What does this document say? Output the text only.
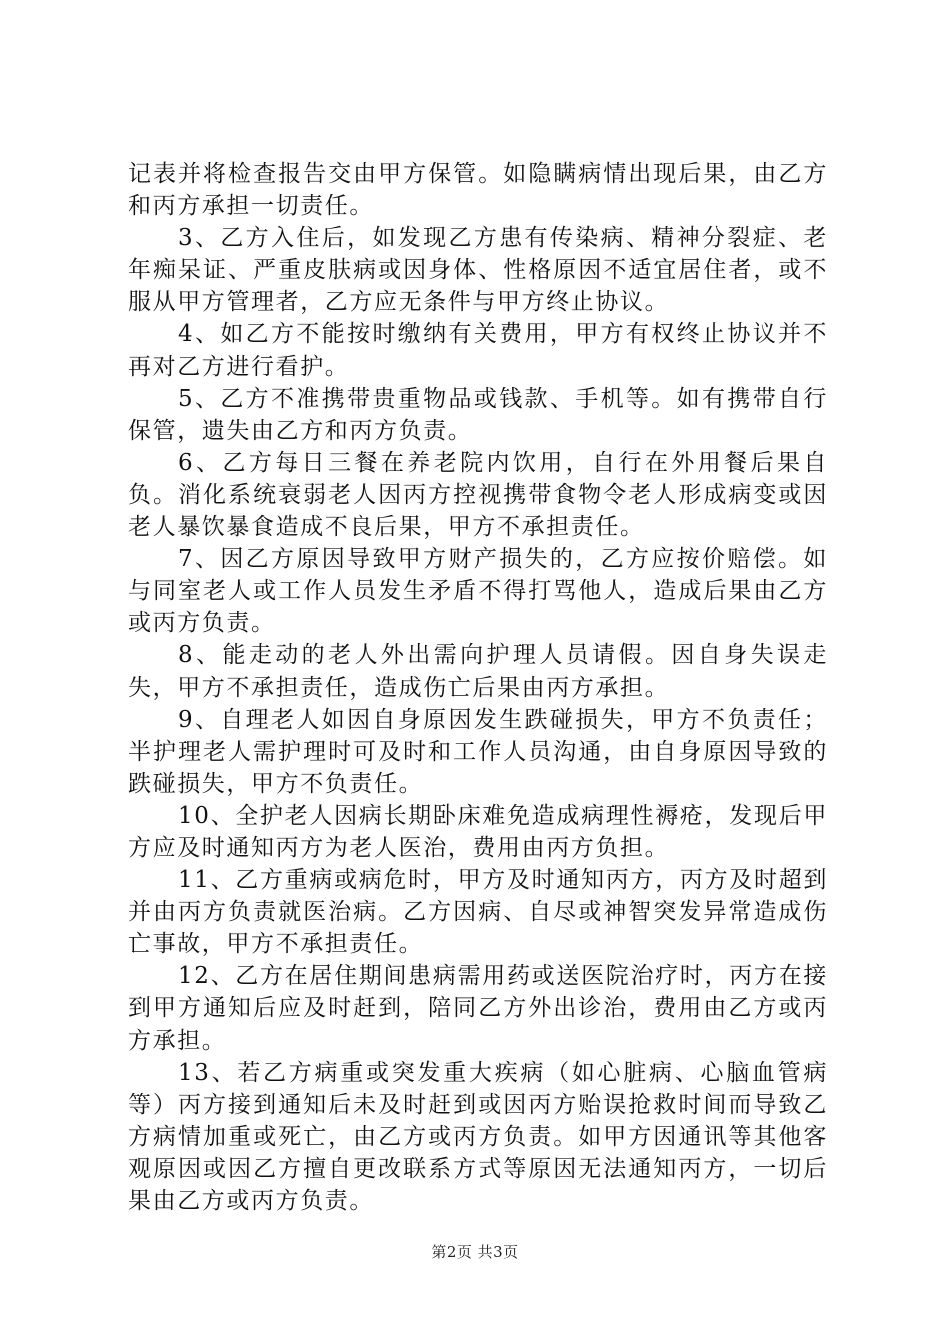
记表并将检查报告交由甲方保管。如隐瞒病情出现后果，由乙方和丙方承担一切责任。

3、乙方入住后，如发现乙方患有传染病、精神分裂症、老年痴呆证、严重皮肤病或因身体、性格原因不适宜居住者，或不服从甲方管理者，乙方应无条件与甲方终止协议。

4、如乙方不能按时缴纳有关费用，甲方有权终止协议并不再对乙方进行看护。

5、乙方不准携带贵重物品或钱款、手机等。如有携带自行保管，遗失由乙方和丙方负责。

6、乙方每日三餐在养老院内饮用，自行在外用餐后果自负。消化系统衰弱老人因丙方控视携带食物令老人形成病变或因老人暴饮暴食造成不良后果，甲方不承担责任。

7、因乙方原因导致甲方财产损失的，乙方应按价赔偿。如与同室老人或工作人员发生矛盾不得打骂他人，造成后果由乙方或丙方负责。

8、能走动的老人外出需向护理人员请假。因自身失误走失，甲方不承担责任，造成伤亡后果由丙方承担。

9、自理老人如因自身原因发生跌碰损失，甲方不负责任；半护理老人需护理时可及时和工作人员沟通，由自身原因导致的跌碰损失，甲方不负责任。

10、全护老人因病长期卧床难免造成病理性褥疮，发现后甲方应及时通知丙方为老人医治，费用由丙方负担。

11、乙方重病或病危时，甲方及时通知丙方，丙方及时超到并由丙方负责就医治病。乙方因病、自尽或神智突发异常造成伤亡事故，甲方不承担责任。

12、乙方在居住期间患病需用药或送医院治疗时，丙方在接到甲方通知后应及时赶到，陪同乙方外出诊治，费用由乙方或丙方承担。

13、若乙方病重或突发重大疾病（如心脏病、心脑血管病等）丙方接到通知后未及时赶到或因丙方贻误抢救时间而导致乙方病情加重或死亡，由乙方或丙方负责。如甲方因通讯等其他客观原因或因乙方擅自更改联系方式等原因无法通知丙方，一切后果由乙方或丙方负责。

第2页 共3页
